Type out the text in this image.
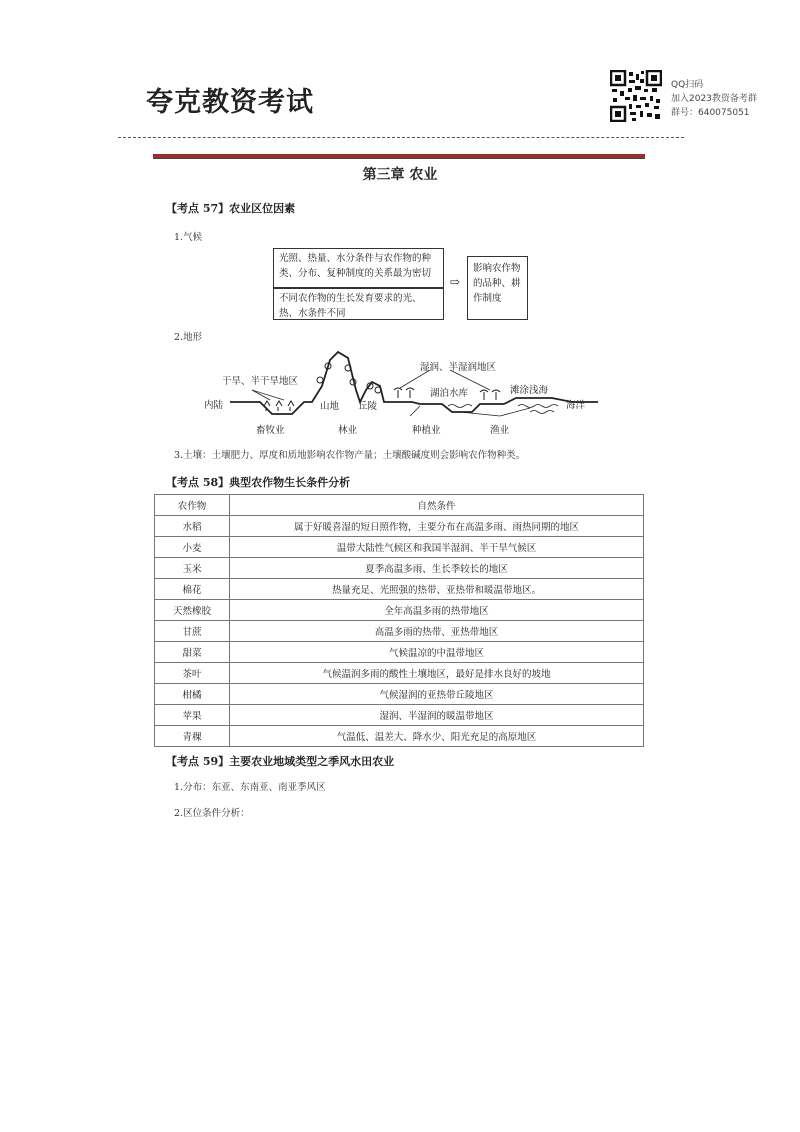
夸克教资考试
QQ扫码
加入2023教资备考群
群号：640075051
第三章 农业
【考点 57】农业区位因素
1.气候
光照、热量、水分条件与农作物的种类、分布、复种制度的关系最为密切
不同农作物的生长发育要求的光、热、水条件不同
⇨
影响农作物的品种、耕作制度
2.地形
干旱、半干旱地区
内陆
畜牧业
山地 丘陵
林业
湿润、半湿润地区
湖泊水库	滩涂浅海
海洋
种植业	渔业
3.土壤：土壤肥力、厚度和质地影响农作物产量；土壤酸碱度则会影响农作物种类。
【考点 58】典型农作物生长条件分析
农作物	自然条件
水稻	属于好暖喜湿的短日照作物，主要分布在高温多雨、雨热同期的地区
小麦	温带大陆性气候区和我国半湿润、半干旱气候区
玉米	夏季高温多雨、生长季较长的地区
棉花	热量充足、光照强的热带、亚热带和暖温带地区。
天然橡胶	全年高温多雨的热带地区
甘蔗	高温多雨的热带、亚热带地区
甜菜	气候温凉的中温带地区
茶叶	气候温润多雨的酸性土壤地区，最好是排水良好的坡地
柑橘	气候湿润的亚热带丘陵地区
苹果	湿润、半湿润的暖温带地区
青稞	气温低、温差大、降水少、阳光充足的高原地区
【考点 59】主要农业地域类型之季风水田农业
1.分布：东亚、东南亚、南亚季风区
2.区位条件分析：
